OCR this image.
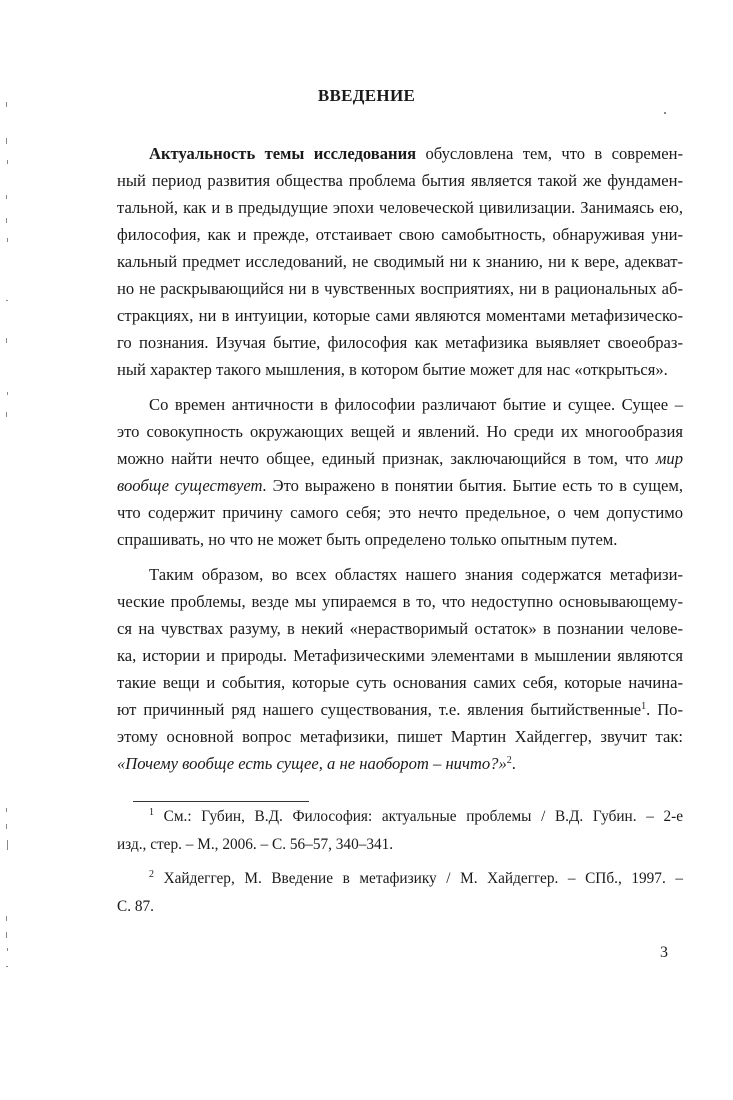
ВВЕДЕНИЕ
Актуальность темы исследования обусловлена тем, что в современ-
ный период развития общества проблема бытия является такой же фундамен-
тальной, как и в предыдущие эпохи человеческой цивилизации. Занимаясь ею,
философия, как и прежде, отстаивает свою самобытность, обнаруживая уни-
кальный предмет исследований, не сводимый ни к знанию, ни к вере, адекват-
но не раскрывающийся ни в чувственных восприятиях, ни в рациональных аб-
стракциях, ни в интуиции, которые сами являются моментами метафизическо-
го познания. Изучая бытие, философия как метафизика выявляет своеобраз-
ный характер такого мышления, в котором бытие может для нас «открыться».
Со времен античности в философии различают бытие и сущее. Сущее –
это совокупность окружающих вещей и явлений. Но среди их многообразия
можно найти нечто общее, единый признак, заключающийся в том, что мир
вообще существует. Это выражено в понятии бытия. Бытие есть то в сущем,
что содержит причину самого себя; это нечто предельное, о чем допустимо
спрашивать, но что не может быть определено только опытным путем.
Таким образом, во всех областях нашего знания содержатся метафизи-
ческие проблемы, везде мы упираемся в то, что недоступно основывающему-
ся на чувствах разуму, в некий «нерастворимый остаток» в познании челове-
ка, истории и природы. Метафизическими элементами в мышлении являются
такие вещи и события, которые суть основания самих себя, которые начина-
ют причинный ряд нашего существования, т.е. явления бытийственные$^1$. По-
этому основной вопрос метафизики, пишет Мартин Хайдеггер, звучит так:
«Почему вообще есть сущее, а не наоборот – ничто?»$^2$.
$^1$ См.: Губин, В.Д. Философия: актуальные проблемы / В.Д. Губин. – 2-е
изд., стер. – М., 2006. – С. 56–57, 340–341.
$^2$ Хайдеггер, М. Введение в метафизику / М. Хайдеггер. – СПб., 1997. –
С. 87.
3
